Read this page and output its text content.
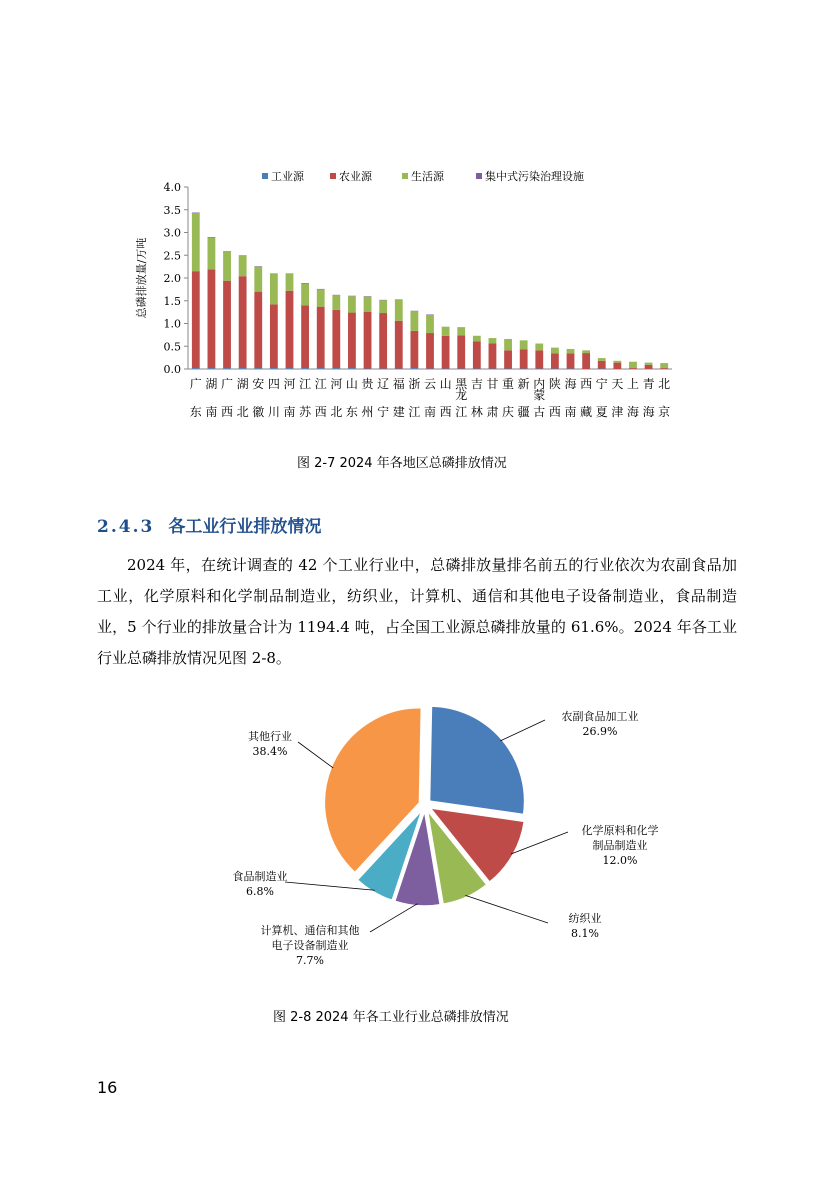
工业源	农业源	生活源	集中式污染治理设施
0.0
0.5
1.0
1.5
2.0
2.5
3.0
3.5
4.0
总磷排放量/万吨
广
东
湖
南
广
西
湖
北
安
徽
四
川
河
南
江
苏
江
西
河
北
山
东
贵
州
辽
宁
福
建
浙
江
云
南
山
西
黑
龙
江
吉
林
甘
肃
重
庆
新
疆
内
蒙
古
陕
西
海
南
西
藏
宁
夏
天
津
上
海
青
海
北
京
图 2-7 2024 年各地区总磷排放情况
2.4.3 各工业行业排放情况

2024 年，在统计调查的 42 个工业行业中，总磷排放量排名前五的行业依次为农副食品加工业，化学原料和化学制品制造业，纺织业，计算机、通信和其他电子设备制造业，食品制造业，5 个行业的排放量合计为 1194.4 吨，占全国工业源总磷排放量的 61.6%。2024 年各工业行业总磷排放情况见图 2-8。

农副食品加工业
26.9%
化学原料和化学
制品制造业
12.0%
纺织业
8.1%
计算机、通信和其他
电子设备制造业
7.7%
食品制造业
6.8%
其他行业
38.4%
图 2-8 2024 年各工业行业总磷排放情况
16
